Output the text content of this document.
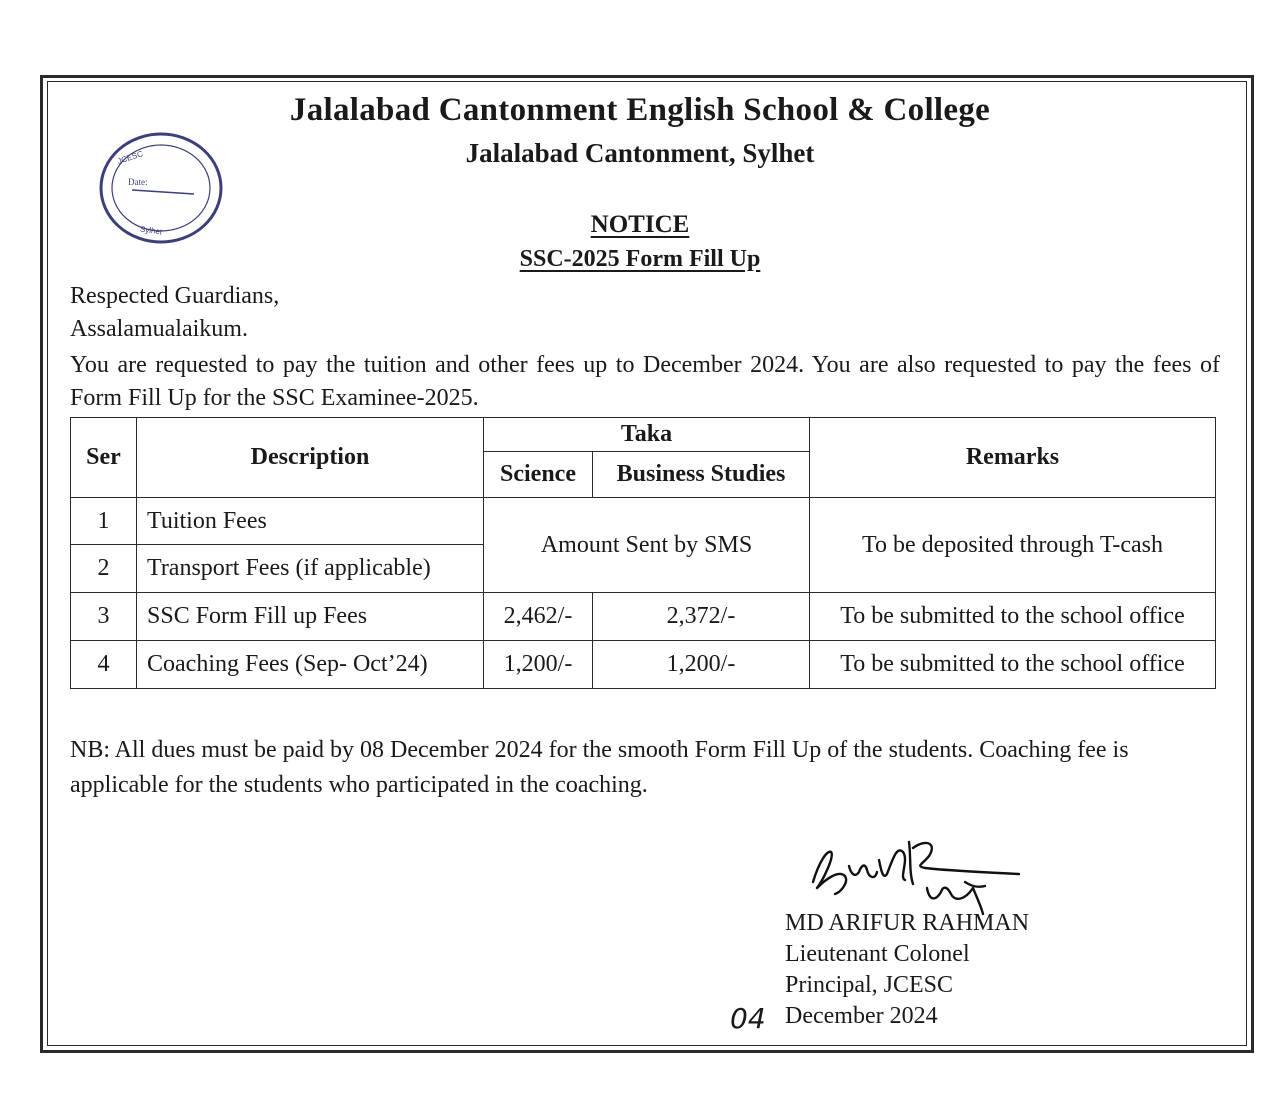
Jalalabad Cantonment English School & College
Jalalabad Cantonment, Sylhet
Date:
JCESC
Sylhet	NOTICE
SSC-2025 Form Fill Up
Respected Guardians,
Assalamualaikum.
You are requested to pay the tuition and other fees up to December 2024. You are also requested to pay the fees of Form Fill Up for the SSC Examinee-2025.
Ser	Description	Taka		Remarks
		Science	Business Studies	
1	Tuition Fees	Amount Sent by SMS		To be deposited through T-cash
2	Transport Fees (if applicable)			
3	SSC Form Fill up Fees	2,462/-	2,372/-	To be submitted to the school office
4	Coaching Fees (Sep- Oct’24)	1,200/-	1,200/-	To be submitted to the school office
NB: All dues must be paid by 08 December 2024 for the smooth Form Fill Up of the students. Coaching fee is applicable for the students who participated in the coaching.
MD ARIFUR RAHMAN
Lieutenant Colonel
Principal, JCESC
December 2024
04
